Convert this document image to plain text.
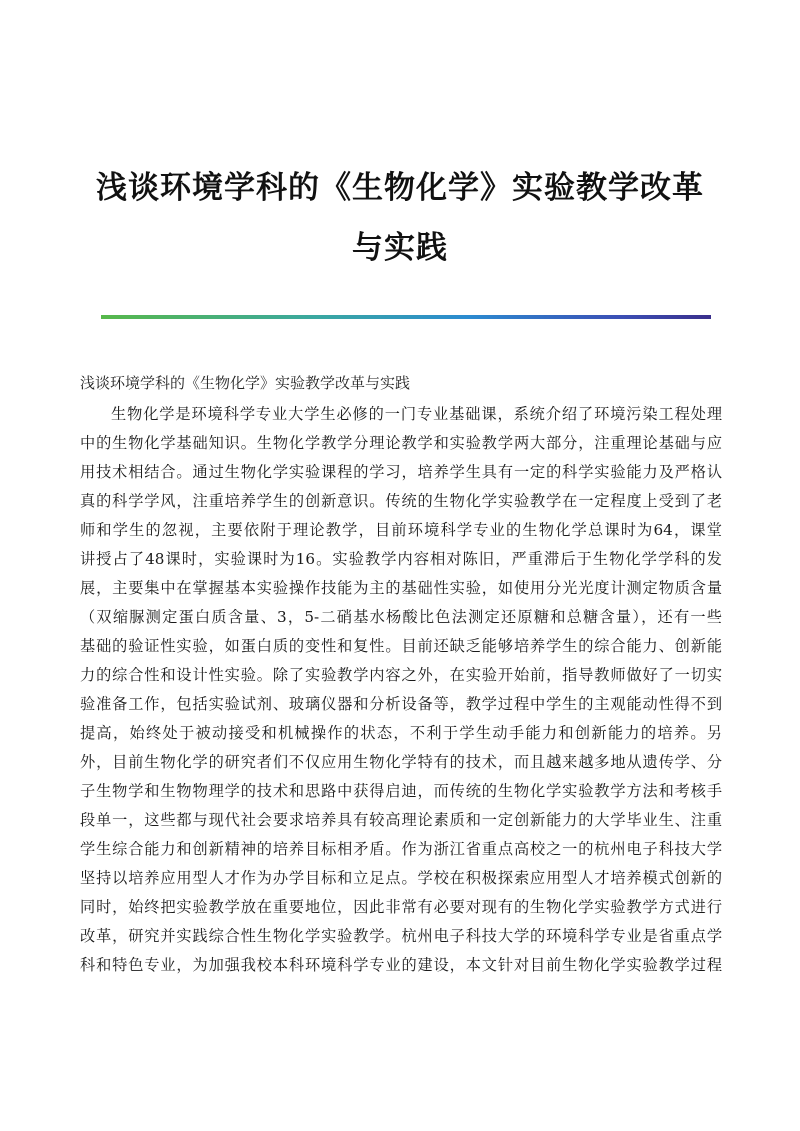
浅谈环境学科的《生物化学》实验教学改革
与实践
浅谈环境学科的《生物化学》实验教学改革与实践
生物化学是环境科学专业大学生必修的一门专业基础课，系统介绍了环境污染工程处理
中的生物化学基础知识。生物化学教学分理论教学和实验教学两大部分，注重理论基础与应
用技术相结合。通过生物化学实验课程的学习，培养学生具有一定的科学实验能力及严格认
真的科学学风，注重培养学生的创新意识。传统的生物化学实验教学在一定程度上受到了老
师和学生的忽视，主要依附于理论教学，目前环境科学专业的生物化学总课时为64，课堂
讲授占了48课时，实验课时为16。实验教学内容相对陈旧，严重滞后于生物化学学科的发
展，主要集中在掌握基本实验操作技能为主的基础性实验，如使用分光光度计测定物质含量
（双缩脲测定蛋白质含量、3，5-二硝基水杨酸比色法测定还原糖和总糖含量），还有一些
基础的验证性实验，如蛋白质的变性和复性。目前还缺乏能够培养学生的综合能力、创新能
力的综合性和设计性实验。除了实验教学内容之外，在实验开始前，指导教师做好了一切实
验准备工作，包括实验试剂、玻璃仪器和分析设备等，教学过程中学生的主观能动性得不到
提高，始终处于被动接受和机械操作的状态，不利于学生动手能力和创新能力的培养。另
外，目前生物化学的研究者们不仅应用生物化学特有的技术，而且越来越多地从遗传学、分
子生物学和生物物理学的技术和思路中获得启迪，而传统的生物化学实验教学方法和考核手
段单一，这些都与现代社会要求培养具有较高理论素质和一定创新能力的大学毕业生、注重
学生综合能力和创新精神的培养目标相矛盾。作为浙江省重点高校之一的杭州电子科技大学
坚持以培养应用型人才作为办学目标和立足点。学校在积极探索应用型人才培养模式创新的
同时，始终把实验教学放在重要地位，因此非常有必要对现有的生物化学实验教学方式进行
改革，研究并实践综合性生物化学实验教学。杭州电子科技大学的环境科学专业是省重点学
科和特色专业，为加强我校本科环境科学专业的建设，本文针对目前生物化学实验教学过程
